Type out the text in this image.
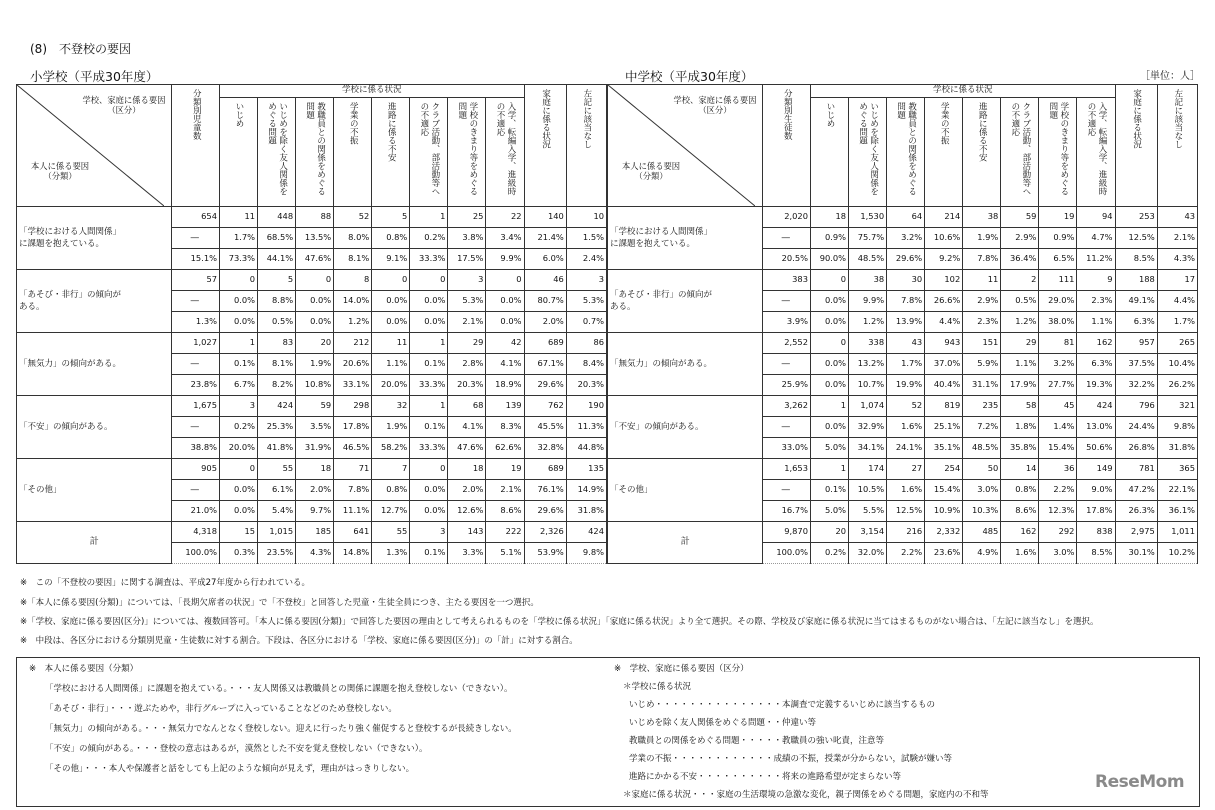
(8)　不登校の要因
小学校（平成30年度）	中学校（平成30年度）	［単位：人］
学校、家庭に係る要因
（区分）
本人に係る要因
（分類）	分類別児童数	学校に係る状況								家庭に係る状況	左記に該当なし
		いじめ	いじめを除く友人関係をめぐる問題	教職員との関係をめぐる問題	学業の不振	進路に係る不安	クラブ活動、部活動等への不適応	学校のきまり等をめぐる問題	入学、転編入学、進級時の不適応		
「学校における人間関係」
に課題を抱えている。	654	11	448	88	52	5	1	25	22	140	10
	―	1.7%	68.5%	13.5%	8.0%	0.8%	0.2%	3.8%	3.4%	21.4%	1.5%
	15.1%	73.3%	44.1%	47.6%	8.1%	9.1%	33.3%	17.5%	9.9%	6.0%	2.4%
「あそび・非行」の傾向が
ある。	57	0	5	0	8	0	0	3	0	46	3
	―	0.0%	8.8%	0.0%	14.0%	0.0%	0.0%	5.3%	0.0%	80.7%	5.3%
	1.3%	0.0%	0.5%	0.0%	1.2%	0.0%	0.0%	2.1%	0.0%	2.0%	0.7%
「無気力」の傾向がある。	1,027	1	83	20	212	11	1	29	42	689	86
	―	0.1%	8.1%	1.9%	20.6%	1.1%	0.1%	2.8%	4.1%	67.1%	8.4%
	23.8%	6.7%	8.2%	10.8%	33.1%	20.0%	33.3%	20.3%	18.9%	29.6%	20.3%
「不安」の傾向がある。	1,675	3	424	59	298	32	1	68	139	762	190
	―	0.2%	25.3%	3.5%	17.8%	1.9%	0.1%	4.1%	8.3%	45.5%	11.3%
	38.8%	20.0%	41.8%	31.9%	46.5%	58.2%	33.3%	47.6%	62.6%	32.8%	44.8%
「その他」	905	0	55	18	71	7	0	18	19	689	135
	―	0.0%	6.1%	2.0%	7.8%	0.8%	0.0%	2.0%	2.1%	76.1%	14.9%
	21.0%	0.0%	5.4%	9.7%	11.1%	12.7%	0.0%	12.6%	8.6%	29.6%	31.8%
計	4,318	15	1,015	185	641	55	3	143	222	2,326	424
	100.0%	0.3%	23.5%	4.3%	14.8%	1.3%	0.1%	3.3%	5.1%	53.9%	9.8%
学校、家庭に係る要因
（区分）
本人に係る要因
（分類）	分類別生徒数	学校に係る状況								家庭に係る状況	左記に該当なし
		いじめ	いじめを除く友人関係をめぐる問題	教職員との関係をめぐる問題	学業の不振	進路に係る不安	クラブ活動、部活動等への不適応	学校のきまり等をめぐる問題	入学、転編入学、進級時の不適応		
「学校における人間関係」
に課題を抱えている。	2,020	18	1,530	64	214	38	59	19	94	253	43
	―	0.9%	75.7%	3.2%	10.6%	1.9%	2.9%	0.9%	4.7%	12.5%	2.1%
	20.5%	90.0%	48.5%	29.6%	9.2%	7.8%	36.4%	6.5%	11.2%	8.5%	4.3%
「あそび・非行」の傾向が
ある。	383	0	38	30	102	11	2	111	9	188	17
	―	0.0%	9.9%	7.8%	26.6%	2.9%	0.5%	29.0%	2.3%	49.1%	4.4%
	3.9%	0.0%	1.2%	13.9%	4.4%	2.3%	1.2%	38.0%	1.1%	6.3%	1.7%
「無気力」の傾向がある。	2,552	0	338	43	943	151	29	81	162	957	265
	―	0.0%	13.2%	1.7%	37.0%	5.9%	1.1%	3.2%	6.3%	37.5%	10.4%
	25.9%	0.0%	10.7%	19.9%	40.4%	31.1%	17.9%	27.7%	19.3%	32.2%	26.2%
「不安」の傾向がある。	3,262	1	1,074	52	819	235	58	45	424	796	321
	―	0.0%	32.9%	1.6%	25.1%	7.2%	1.8%	1.4%	13.0%	24.4%	9.8%
	33.0%	5.0%	34.1%	24.1%	35.1%	48.5%	35.8%	15.4%	50.6%	26.8%	31.8%
「その他」	1,653	1	174	27	254	50	14	36	149	781	365
	―	0.1%	10.5%	1.6%	15.4%	3.0%	0.8%	2.2%	9.0%	47.2%	22.1%
	16.7%	5.0%	5.5%	12.5%	10.9%	10.3%	8.6%	12.3%	17.8%	26.3%	36.1%
計	9,870	20	3,154	216	2,332	485	162	292	838	2,975	1,011
	100.0%	0.2%	32.0%	2.2%	23.6%	4.9%	1.6%	3.0%	8.5%	30.1%	10.2%
※　この「不登校の要因」に関する調査は、平成27年度から行われている。
※「本人に係る要因(分類)」については、「長期欠席者の状況」で「不登校」と回答した児童・生徒全員につき、主たる要因を一つ選択。
※「学校、家庭に係る要因(区分)」については、複数回答可。「本人に係る要因(分類)」で回答した要因の理由として考えられるものを「学校に係る状況」「家庭に係る状況」より全て選択。その際、学校及び家庭に係る状況に当てはまるものがない場合は、「左記に該当なし」を選択。
※　中段は、各区分における分類別児童・生徒数に対する割合。下段は、各区分における「学校、家庭に係る要因(区分)」の「計」に対する割合。
※　本人に係る要因（分類）
「学校における人間関係」に課題を抱えている。・・・友人関係又は教職員との関係に課題を抱え登校しない（できない）。
「あそび・非行」・・・遊ぶためや，非行グループに入っていることなどのため登校しない。
「無気力」の傾向がある。・・・無気力でなんとなく登校しない。迎えに行ったり強く催促すると登校するが長続きしない。
「不安」の傾向がある。・・・登校の意志はあるが，漠然とした不安を覚え登校しない（できない）。
「その他」・・・本人や保護者と話をしても上記のような傾向が見えず，理由がはっきりしない。
※　学校、家庭に係る要因（区分）
＊学校に係る状況
いじめ・・・・・・・・・・・・・・・本調査で定義するいじめに該当するもの
いじめを除く友人関係をめぐる問題・・仲違い等
教職員との関係をめぐる問題・・・・・教職員の強い叱責，注意等
学業の不振・・・・・・・・・・・・成績の不振，授業が分からない，試験が嫌い等
進路にかかる不安・・・・・・・・・・将来の進路希望が定まらない等
＊家庭に係る状況・・・家庭の生活環境の急激な変化，親子関係をめぐる問題，家庭内の不和等
ReseMom
